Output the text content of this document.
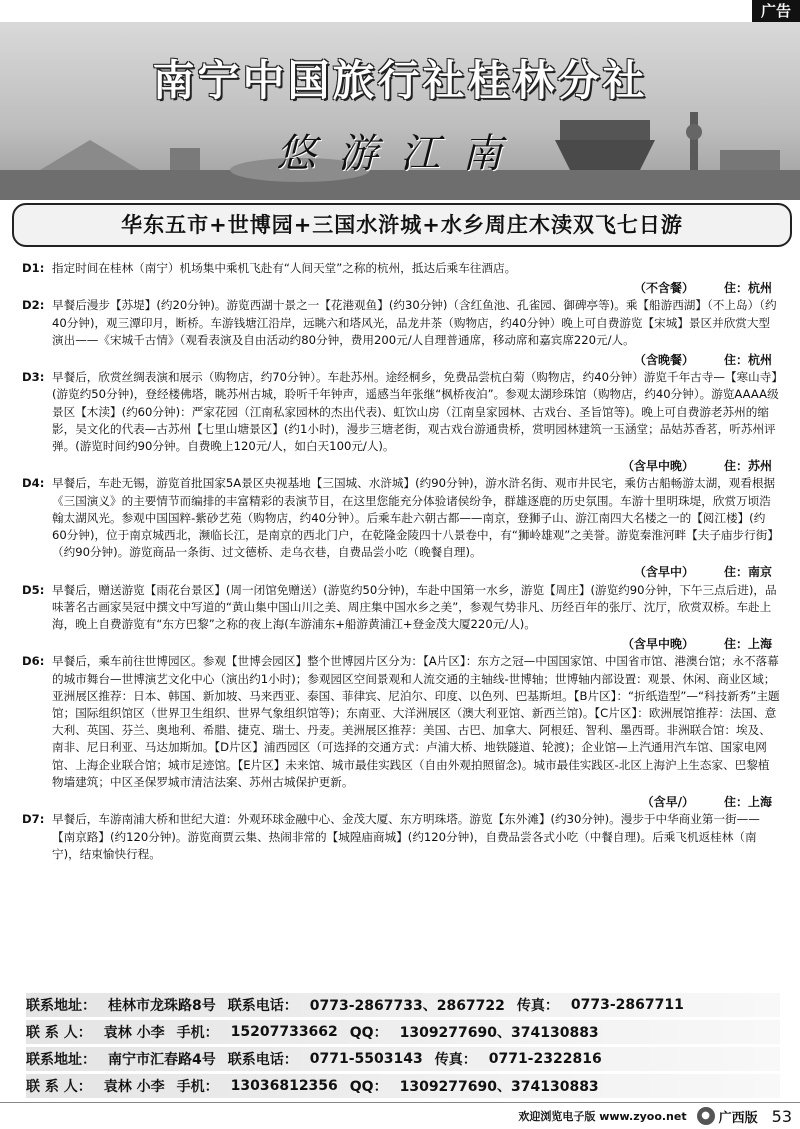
广告
南宁中国旅行社桂林分社
悠游江南
华东五市+世博园+三国水浒城+水乡周庄木渎双飞七日游
D1: 指定时间在桂林（南宁）机场集中乘机飞赴有“人间天堂”之称的杭州，抵达后乘车往酒店。
（不含餐）	住：杭州
D2: 早餐后漫步【苏堤】(约20分钟)。游览西湖十景之一【花港观鱼】(约30分钟)（含红鱼池、孔雀园、御碑亭等)。乘【船游西湖】（不上岛）（约40分钟)，观三潭印月，断桥。车游钱塘江沿岸，远眺六和塔风光，品龙井茶（购物店，约40分钟）晚上可自费游览【宋城】景区并欣赏大型演出——《宋城千古情》（观看表演及自由活动约80分钟，费用200元/人自理普通席，移动席和嘉宾席220元/人。
（含晚餐）	住：杭州
D3: 早餐后，欣赏丝绸表演和展示（购物店，约70分钟）。车赴苏州。途经桐乡，免费品尝杭白菊（购物店，约40分钟）游览千年古寺—【寒山寺】(游览约50分钟)，登经楼佛塔，眺苏州古城，聆听千年钟声，遥感当年张继“枫桥夜泊”。参观太湖珍珠馆（购物店，约40分钟）。游览AAAA级景区【木渎】(约60分钟)：严家花园（江南私家园林的杰出代表)、虹饮山房（江南皇家园林、古戏台、圣旨馆等)。晚上可自费游老苏州的缩影，吴文化的代表—古苏州【七里山塘景区】(约1小时)，漫步三塘老街，观古戏台游通贵桥，赏明园林建筑一玉涵堂；品姑苏香茗，听苏州评弹。(游览时间约90分钟。自费晚上120元/人，如白天100元/人)。
（含早中晚）	住：苏州
D4: 早餐后，车赴无锡，游览首批国家5A景区央视基地【三国城、水浒城】(约90分钟)，游水浒名街、观市井民宅，乘仿古船畅游太湖，观看根据《三国演义》的主要情节而编排的丰富精彩的表演节目，在这里您能充分体验诸侯纷争，群雄逐鹿的历史氛围。车游十里明珠堤，欣赏万顷浩翰太湖风光。参观中国国粹-紫砂艺苑（购物店，约40分钟）。后乘车赴六朝古都——南京，登狮子山、游江南四大名楼之一的【阅江楼】(约60分钟)，位于南京城西北，濒临长江，是南京的西北门户，在乾隆金陵四十八景卷中，有“狮岭雄观”之美誉。游览秦淮河畔【夫子庙步行街】（约90分钟)。游览商品一条街、过文德桥、走乌衣巷，自费品尝小吃（晚餐自理)。
（含早中）	住：南京
D5: 早餐后，赠送游览【雨花台景区】(周一闭馆免赠送）(游览约50分钟)，车赴中国第一水乡，游览【周庄】(游览约90分钟，下午三点后进)，品味著名古画家吴冠中撰文中写道的“黄山集中国山川之美、周庄集中国水乡之美”，参观气势非凡、历经百年的张厅、沈厅，欣赏双桥。车赴上海，晚上自费游览有“东方巴黎”之称的夜上海(车游浦东+船游黄浦江+登金茂大厦220元/人)。
（含早中晚）	住：上海
D6: 早餐后，乘车前往世博园区。参观【世博会园区】整个世博园片区分为：【A片区】：东方之冠—中国国家馆、中国省市馆、港澳台馆；永不落幕的城市舞台—世博演艺文化中心（演出约1小时)；参观园区空间景观和人流交通的主轴线-世博轴；世博轴内部设置：观景、休闲、商业区域；亚洲展区推荐：日本、韩国、新加坡、马来西亚、泰国、菲律宾、尼泊尔、印度、以色列、巴基斯坦。【B片区】：“折纸造型”—“科技新秀”主题馆；国际组织馆区（世界卫生组织、世界气象组织馆等)；东南亚、大洋洲展区（澳大利亚馆、新西兰馆)。【C片区】：欧洲展馆推荐：法国、意大利、英国、芬兰、奥地利、希腊、捷克、瑞士、丹麦。美洲展区推荐：美国、古巴、加拿大、阿根廷、智利、墨西哥。非洲联合馆：埃及、南非、尼日利亚、马达加斯加。【D片区】浦西园区（可选择的交通方式：卢浦大桥、地铁隧道、轮渡)；企业馆—上汽通用汽车馆、国家电网馆、上海企业联合馆；城市足迹馆。【E片区】未来馆、城市最佳实践区（自由外观拍照留念)。城市最佳实践区-北区上海沪上生态家、巴黎植物墙建筑；中区圣保罗城市清洁法案、苏州古城保护更新。
（含早/）	住：上海
D7: 早餐后，车游南浦大桥和世纪大道：外观环球金融中心、金茂大厦、东方明珠塔。游览【东外滩】(约30分钟)。漫步于中华商业第一街——【南京路】(约120分钟)。游览商贾云集、热闹非常的【城隍庙商城】(约120分钟)，自费品尝各式小吃（中餐自理)。后乘飞机返桂林（南宁)，结束愉快行程。
联系地址： 桂林市龙珠路8号 联系电话： 0773-2867733、2867722 传真： 0773-2867711
联 系 人： 袁林 小李 手机： 15207733662 QQ： 1309277690、374130883
联系地址： 南宁市汇春路4号 联系电话： 0771-5503143 传真： 0771-2322816
联 系 人： 袁林 小李 手机： 13036812356 QQ： 1309277690、374130883
欢迎浏览电子版 www.zyoo.net	● 广西版 53
